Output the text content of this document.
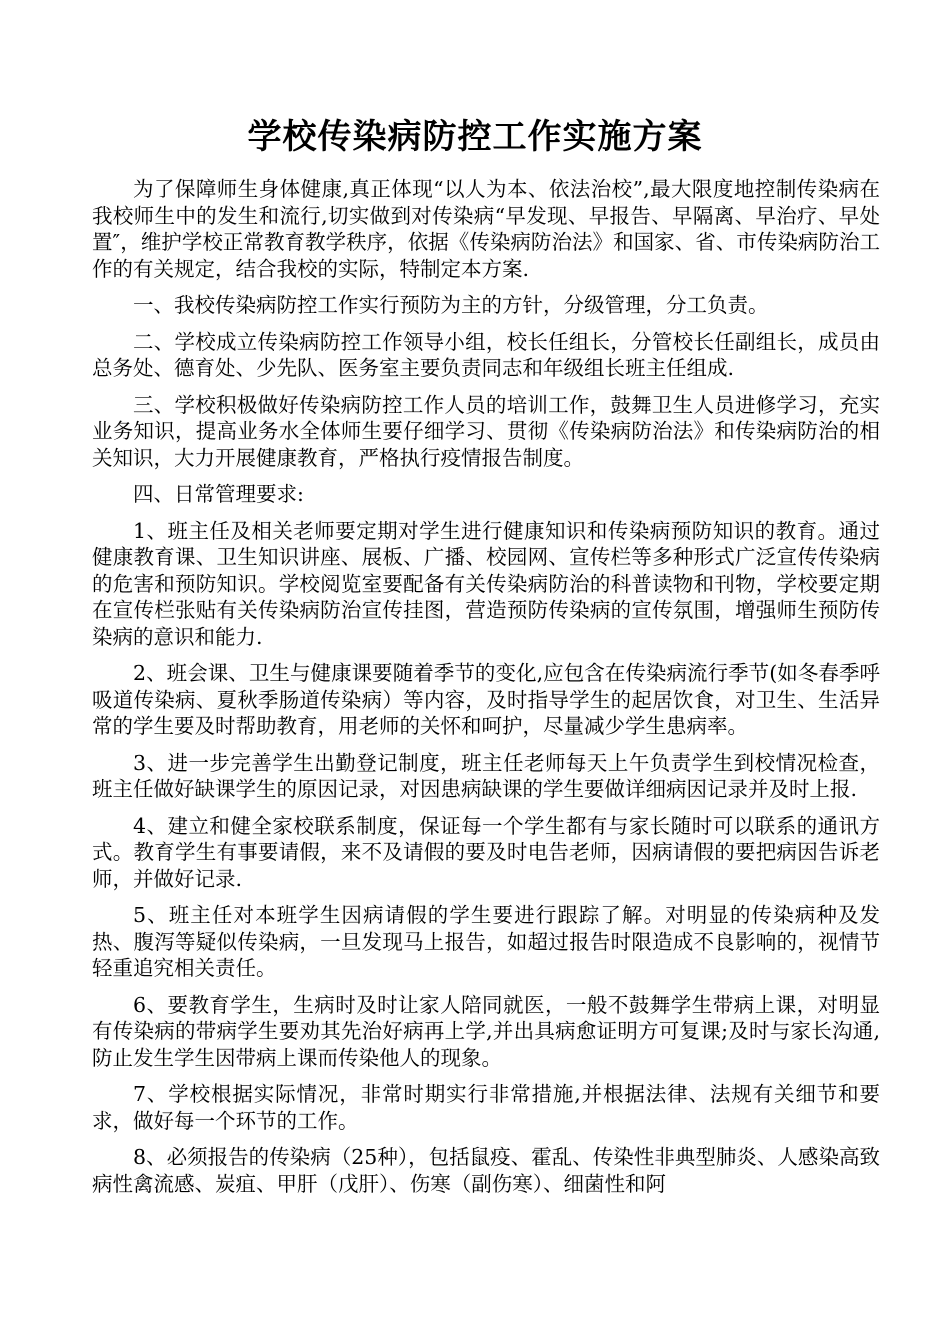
学校传染病防控工作实施方案

为了保障师生身体健康,真正体现“以人为本、依法治校”,最大限度地控制传染病在我校师生中的发生和流行,切实做到对传染病“早发现、早报告、早隔离、早治疗、早处置″，维护学校正常教育教学秩序，依据《传染病防治法》和国家、省、市传染病防治工作的有关规定，结合我校的实际，特制定本方案.

一、我校传染病防控工作实行预防为主的方针，分级管理，分工负责。

二、学校成立传染病防控工作领导小组，校长任组长，分管校长任副组长，成员由总务处、德育处、少先队、医务室主要负责同志和年级组长班主任组成.

三、学校积极做好传染病防控工作人员的培训工作，鼓舞卫生人员进修学习，充实业务知识，提高业务水全体师生要仔细学习、贯彻《传染病防治法》和传染病防治的相关知识，大力开展健康教育，严格执行疫情报告制度。

四、日常管理要求:

1、班主任及相关老师要定期对学生进行健康知识和传染病预防知识的教育。通过健康教育课、卫生知识讲座、展板、广播、校园网、宣传栏等多种形式广泛宣传传染病的危害和预防知识。学校阅览室要配备有关传染病防治的科普读物和刊物，学校要定期在宣传栏张贴有关传染病防治宣传挂图，营造预防传染病的宣传氛围，增强师生预防传染病的意识和能力.

2、班会课、卫生与健康课要随着季节的变化,应包含在传染病流行季节(如冬春季呼吸道传染病、夏秋季肠道传染病）等内容，及时指导学生的起居饮食，对卫生、生活异常的学生要及时帮助教育，用老师的关怀和呵护，尽量减少学生患病率。

3、进一步完善学生出勤登记制度，班主任老师每天上午负责学生到校情况检查，班主任做好缺课学生的原因记录，对因患病缺课的学生要做详细病因记录并及时上报.

4、建立和健全家校联系制度，保证每一个学生都有与家长随时可以联系的通讯方式。教育学生有事要请假，来不及请假的要及时电告老师，因病请假的要把病因告诉老师，并做好记录.

5、班主任对本班学生因病请假的学生要进行跟踪了解。对明显的传染病种及发热、腹泻等疑似传染病，一旦发现马上报告，如超过报告时限造成不良影响的，视情节轻重追究相关责任。

6、要教育学生，生病时及时让家人陪同就医，一般不鼓舞学生带病上课，对明显有传染病的带病学生要劝其先治好病再上学,并出具病愈证明方可复课;及时与家长沟通,防止发生学生因带病上课而传染他人的现象。

7、学校根据实际情况，非常时期实行非常措施,并根据法律、法规有关细节和要求，做好每一个环节的工作。

8、必须报告的传染病（25种），包括鼠疫、霍乱、传染性非典型肺炎、人感染高致病性禽流感、炭疽、甲肝（戊肝）、伤寒（副伤寒）、细菌性和阿
